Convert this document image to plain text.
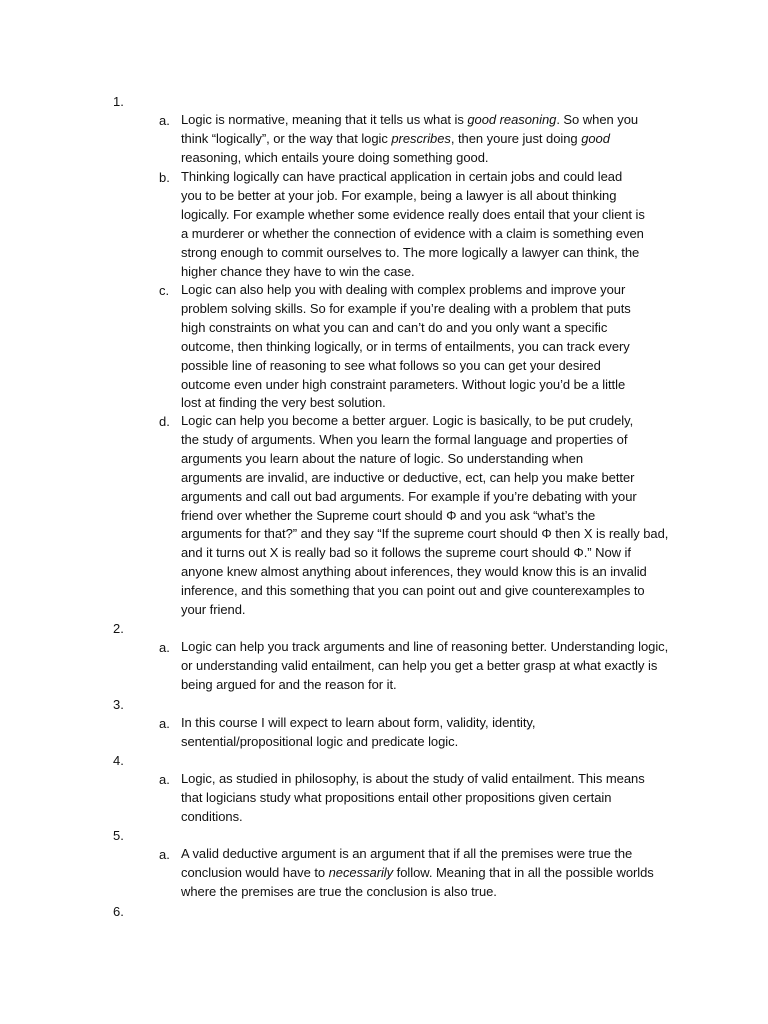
1.

a. Logic is normative, meaning that it tells us what is good reasoning. So when you
think “logically”, or the way that logic prescribes, then youre just doing good
reasoning, which entails youre doing something good.

b. Thinking logically can have practical application in certain jobs and could lead
you to be better at your job. For example, being a lawyer is all about thinking
logically. For example whether some evidence really does entail that your client is
a murderer or whether the connection of evidence with a claim is something even
strong enough to commit ourselves to. The more logically a lawyer can think, the
higher chance they have to win the case.

c. Logic can also help you with dealing with complex problems and improve your
problem solving skills. So for example if you’re dealing with a problem that puts
high constraints on what you can and can’t do and you only want a specific
outcome, then thinking logically, or in terms of entailments, you can track every
possible line of reasoning to see what follows so you can get your desired
outcome even under high constraint parameters. Without logic you’d be a little
lost at finding the very best solution.

d. Logic can help you become a better arguer. Logic is basically, to be put crudely,
the study of arguments. When you learn the formal language and properties of
arguments you learn about the nature of logic. So understanding when
arguments are invalid, are inductive or deductive, ect, can help you make better
arguments and call out bad arguments. For example if you’re debating with your
friend over whether the Supreme court should Φ and you ask “what’s the
arguments for that?” and they say “If the supreme court should Φ then X is really bad,
and it turns out X is really bad so it follows the supreme court should Φ.” Now if
anyone knew almost anything about inferences, they would know this is an invalid
inference, and this something that you can point out and give counterexamples to
your friend.

2.

a. Logic can help you track arguments and line of reasoning better. Understanding logic,
or understanding valid entailment, can help you get a better grasp at what exactly is
being argued for and the reason for it.

3.

a. In this course I will expect to learn about form, validity, identity,
sentential/propositional logic and predicate logic.

4.

a. Logic, as studied in philosophy, is about the study of valid entailment. This means
that logicians study what propositions entail other propositions given certain
conditions.

5.

a. A valid deductive argument is an argument that if all the premises were true the
conclusion would have to necessarily follow. Meaning that in all the possible worlds
where the premises are true the conclusion is also true.

6.
